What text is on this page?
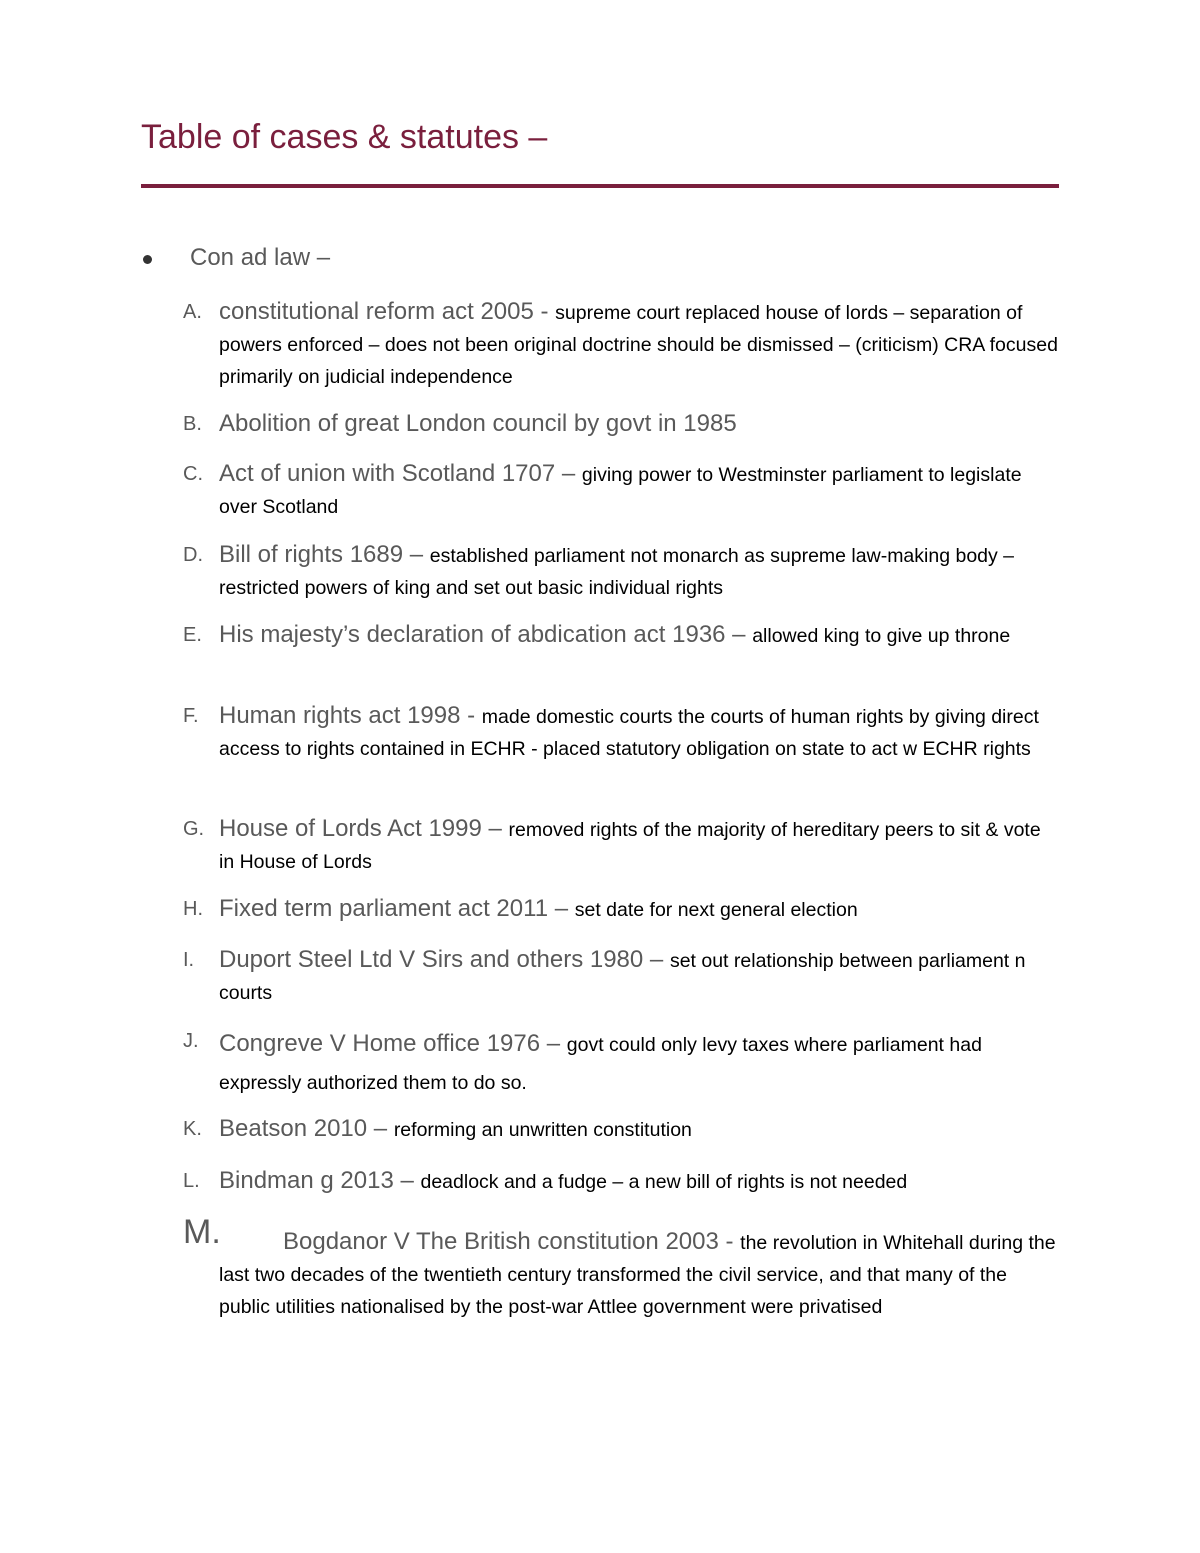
Table of cases & statutes –
Con ad law –
A. constitutional reform act 2005 - supreme court replaced house of lords – separation of powers enforced – does not been original doctrine should be dismissed – (criticism) CRA focused primarily on judicial independence
B. Abolition of great London council by govt in 1985
C. Act of union with Scotland 1707 – giving power to Westminster parliament to legislate over Scotland
D. Bill of rights 1689 – established parliament not monarch as supreme law-making body – restricted powers of king and set out basic individual rights
E. His majesty’s declaration of abdication act 1936 – allowed king to give up throne
F. Human rights act 1998 - made domestic courts the courts of human rights by giving direct access to rights contained in ECHR - placed statutory obligation on state to act w ECHR rights
G. House of Lords Act 1999 – removed rights of the majority of hereditary peers to sit & vote in House of Lords
H. Fixed term parliament act 2011 – set date for next general election
I. Duport Steel Ltd V Sirs and others 1980 – set out relationship between parliament n courts
J. Congreve V Home office 1976 – govt could only levy taxes where parliament had expressly authorized them to do so.
K. Beatson 2010 – reforming an unwritten constitution
L. Bindman g 2013 – deadlock and a fudge – a new bill of rights is not needed
M.	Bogdanor V The British constitution 2003 - the revolution in Whitehall during the last two decades of the twentieth century transformed the civil service, and that many of the public utilities nationalised by the post-war Attlee government were privatised
